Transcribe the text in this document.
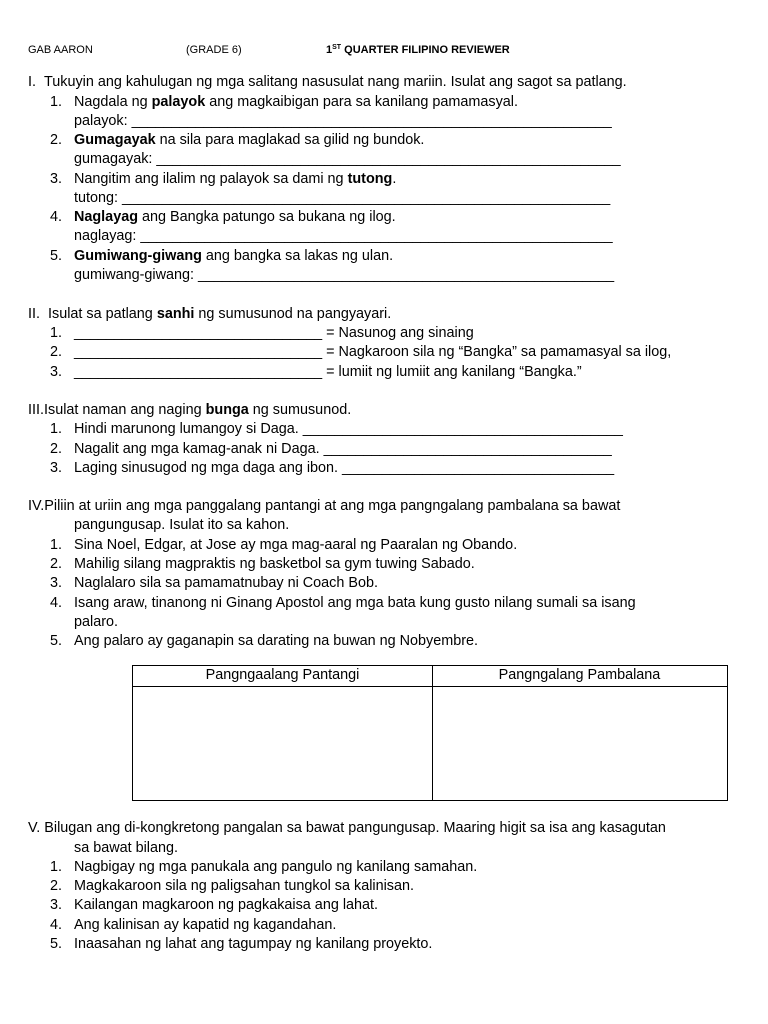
GAB AARON	(GRADE 6)	1ST QUARTER FILIPINO REVIEWER
I. Tukuyin ang kahulugan ng mga salitang nasusulat nang mariin. Isulat ang sagot sa patlang.
1. Nagdala ng palayok ang magkaibigan para sa kanilang pamamasyal.
palayok: ____________________________________________________________
2. Gumagayak na sila para maglakad sa gilid ng bundok.
gumagayak: __________________________________________________________
3. Nangitim ang ilalim ng palayok sa dami ng tutong.
tutong: _____________________________________________________________
4. Naglayag ang Bangka patungo sa bukana ng ilog.
naglayag: ___________________________________________________________
5. Gumiwang-giwang ang bangka sa lakas ng ulan.
gumiwang-giwang: ____________________________________________________
II. Isulat sa patlang sanhi ng sumusunod na pangyayari.
1. _______________________________ = Nasunog ang sinaing
2. _______________________________ = Nagkaroon sila ng “Bangka” sa pamamasyal sa ilog,
3. _______________________________ = lumiit ng lumiit ang kanilang “Bangka.”
III.Isulat naman ang naging bunga ng sumusunod.
1. Hindi marunong lumangoy si Daga. ________________________________________
2. Nagalit ang mga kamag-anak ni Daga. ____________________________________
3. Laging sinusugod ng mga daga ang ibon. __________________________________
IV.Piliin at uriin ang mga panggalang pantangi at ang mga pangngalang pambalana sa bawat
pangungusap. Isulat ito sa kahon.
1. Sina Noel, Edgar, at Jose ay mga mag-aaral ng Paaralan ng Obando.
2. Mahilig silang magpraktis ng basketbol sa gym tuwing Sabado.
3. Naglalaro sila sa pamamatnubay ni Coach Bob.
4. Isang araw, tinanong ni Ginang Apostol ang mga bata kung gusto nilang sumali sa isang
palaro.
5. Ang palaro ay gaganapin sa darating na buwan ng Nobyembre.
Pangngaalang Pantangi	Pangngalang Pambalana
V. Bilugan ang di-kongkretong pangalan sa bawat pangungusap. Maaring higit sa isa ang kasagutan
sa bawat bilang.
1. Nagbigay ng mga panukala ang pangulo ng kanilang samahan.
2. Magkakaroon sila ng paligsahan tungkol sa kalinisan.
3. Kailangan magkaroon ng pagkakaisa ang lahat.
4. Ang kalinisan ay kapatid ng kagandahan.
5. Inaasahan ng lahat ang tagumpay ng kanilang proyekto.
